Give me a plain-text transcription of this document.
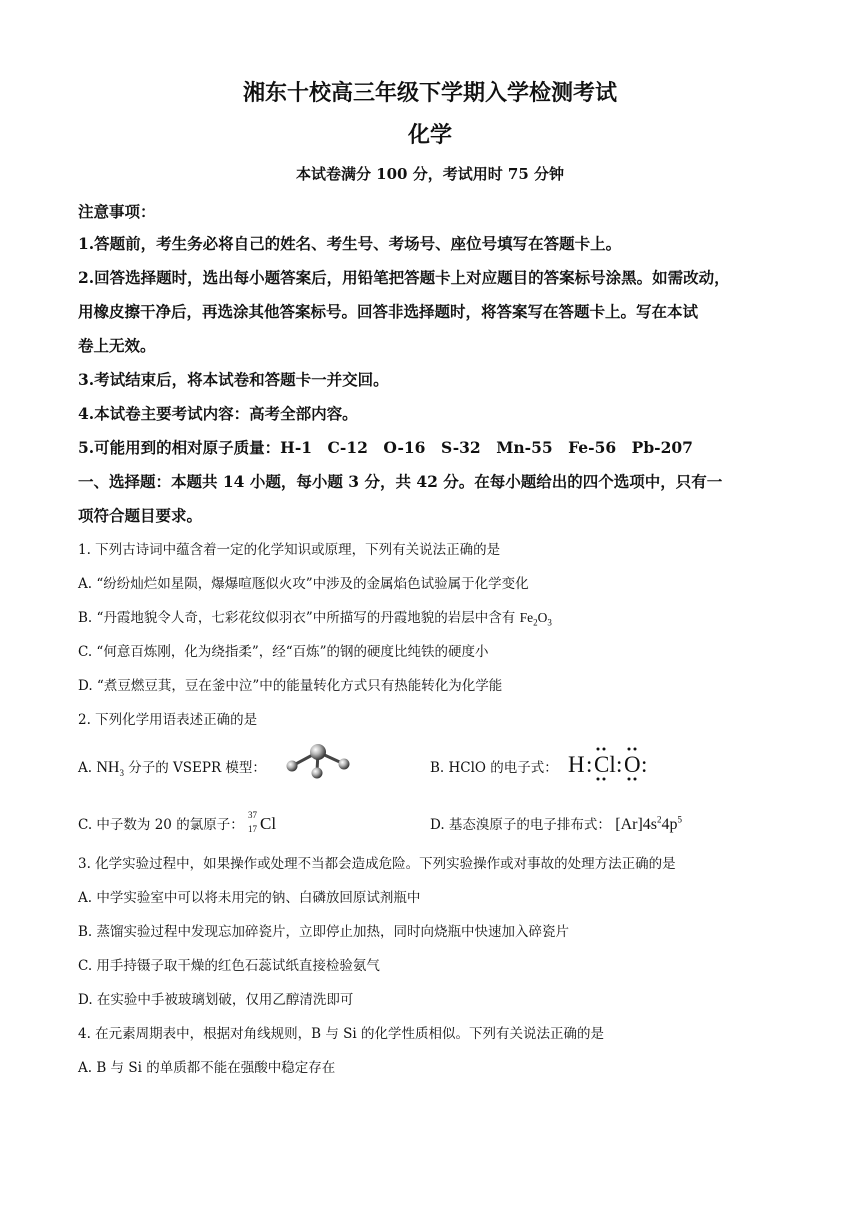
湘东十校高三年级下学期入学检测考试
化学
本试卷满分 100 分，考试用时 75 分钟
注意事项：
1.答题前，考生务必将自己的姓名、考生号、考场号、座位号填写在答题卡上。
2.回答选择题时，选出每小题答案后，用铅笔把答题卡上对应题目的答案标号涂黑。如需改动，
用橡皮擦干净后，再选涂其他答案标号。回答非选择题时，将答案写在答题卡上。写在本试
卷上无效。
3.考试结束后，将本试卷和答题卡一并交回。
4.本试卷主要考试内容：高考全部内容。
5.可能用到的相对原子质量：H-1　C-12　O-16　S-32　Mn-55　Fe-56　Pb-207
一、选择题：本题共 14 小题，每小题 3 分，共 42 分。在每小题给出的四个选项中，只有一
项符合题目要求。
1. 下列古诗词中蕴含着一定的化学知识或原理，下列有关说法正确的是
A. “纷纷灿烂如星陨，爆爆喧豗似火攻”中涉及的金属焰色试验属于化学变化
B. “丹霞地貌令人奇，七彩花纹似羽衣”中所描写的丹霞地貌的岩层中含有 $Fe_2O_3$
C. “何意百炼刚，化为绕指柔”，经“百炼”的钢的硬度比纯铁的硬度小
D. “煮豆燃豆萁，豆在釜中泣”中的能量转化方式只有热能转化为化学能
2. 下列化学用语表述正确的是
A. $NH_3$ 分子的 VSEPR 模型：	B. HClO 的电子式： H : Cl : O :
C. 中子数为 20 的氯原子：
37
17 Cl	D. 基态溴原子的电子排布式： $[Ar]4s^24p^5$
3. 化学实验过程中，如果操作或处理不当都会造成危险。下列实验操作或对事故的处理方法正确的是
A. 中学实验室中可以将未用完的钠、白磷放回原试剂瓶中
B. 蒸馏实验过程中发现忘加碎瓷片，立即停止加热，同时向烧瓶中快速加入碎瓷片
C. 用手持镊子取干燥的红色石蕊试纸直接检验氨气
D. 在实验中手被玻璃划破，仅用乙醇清洗即可
4. 在元素周期表中，根据对角线规则，B 与 Si 的化学性质相似。下列有关说法正确的是
A. B 与 Si 的单质都不能在强酸中稳定存在
